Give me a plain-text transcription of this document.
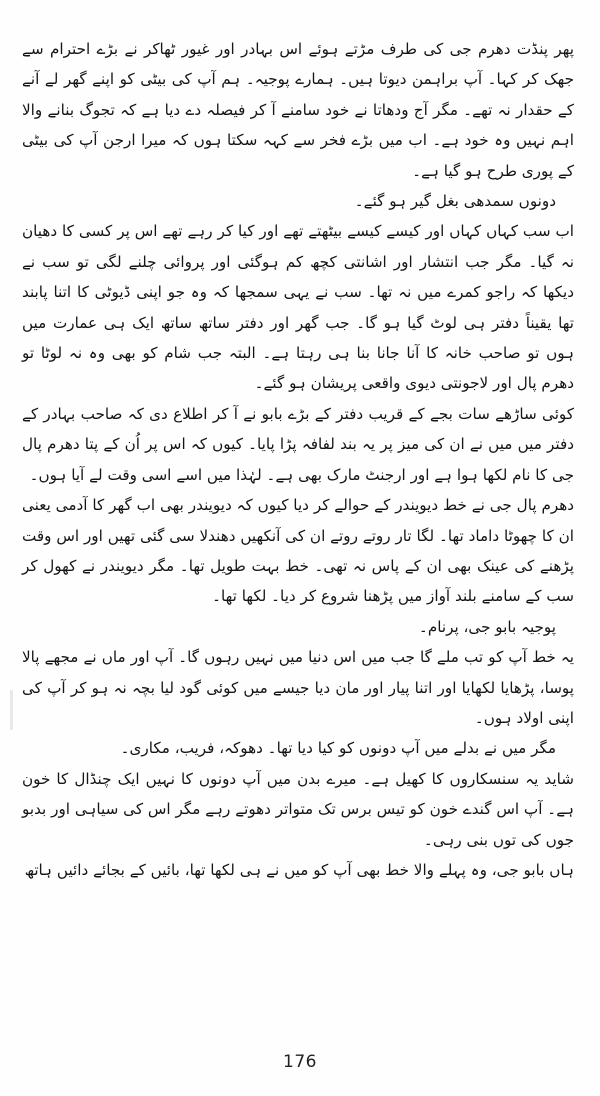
پھر پنڈت دھرم جی کی طرف مڑتے ہوئے اس بہادر اور غیور ٹھاکر نے بڑے احترام سے جھک کر کہا۔ آپ براہمن دیوتا ہیں۔ ہمارے پوجیہ۔ ہم آپ کی بیٹی کو اپنے گھر لے آنے کے حقدار نہ تھے۔ مگر آج ودھاتا نے خود سامنے آ کر فیصلہ دے دیا ہے کہ تجوگ بنانے والا اہم نہیں وہ خود ہے۔ اب میں بڑے فخر سے کہہ سکتا ہوں کہ میرا ارجن آپ کی بیٹی کے پوری طرح ہو گیا ہے۔

دونوں سمدھی بغل گیر ہو گئے۔

اب سب کہاں کہاں اور کیسے کیسے بیٹھتے تھے اور کیا کر رہے تھے اس پر کسی کا دھیان نہ گیا۔ مگر جب انتشار اور اشانتی کچھ کم ہوگئی اور پروائی چلنے لگی تو سب نے دیکھا کہ راجو کمرے میں نہ تھا۔ سب نے یہی سمجھا کہ وہ جو اپنی ڈیوٹی کا اتنا پابند تھا یقیناً دفتر ہی لوٹ گیا ہو گا۔ جب گھر اور دفتر ساتھ ساتھ ایک ہی عمارت میں ہوں تو صاحب خانہ کا آنا جانا بنا ہی رہتا ہے۔ البتہ جب شام کو بھی وہ نہ لوٹا تو دھرم پال اور لاجونتی دیوی واقعی پریشان ہو گئے۔

کوئی ساڑھے سات بجے کے قریب دفتر کے بڑے بابو نے آ کر اطلاع دی کہ صاحب بہادر کے دفتر میں میں نے ان کی میز پر یہ بند لفافہ پڑا پایا۔ کیوں کہ اس پر اُن کے پتا دھرم پال جی کا نام لکھا ہوا ہے اور ارجنٹ مارک بھی ہے۔ لہٰذا میں اسے اسی وقت لے آیا ہوں۔

دھرم پال جی نے خط دیویندر کے حوالے کر دیا کیوں کہ دیویندر بھی اب گھر کا آدمی یعنی ان کا چھوٹا داماد تھا۔ لگا تار روتے روتے ان کی آنکھیں دھندلا سی گئی تھیں اور اس وقت پڑھنے کی عینک بھی ان کے پاس نہ تھی۔ خط بہت طویل تھا۔ مگر دیویندر نے کھول کر سب کے سامنے بلند آواز میں پڑھنا شروع کر دیا۔ لکھا تھا۔

پوجیہ بابو جی، پرنام۔

یہ خط آپ کو تب ملے گا جب میں اس دنیا میں نہیں رہوں گا۔ آپ اور ماں نے مجھے پالا پوسا، پڑھایا لکھایا اور اتنا پیار اور مان دیا جیسے میں کوئی گود لیا بچہ نہ ہو کر آپ کی اپنی اولاد ہوں۔

مگر میں نے بدلے میں آپ دونوں کو کیا دیا تھا۔ دھوکہ، فریب، مکاری۔

شاید یہ سنسکاروں کا کھیل ہے۔ میرے بدن میں آپ دونوں کا نہیں ایک چنڈال کا خون ہے۔ آپ اس گندے خون کو تیس برس تک متواتر دھوتے رہے مگر اس کی سیاہی اور بدبو جوں کی توں بنی رہی۔

ہاں بابو جی، وہ پہلے والا خط بھی آپ کو میں نے ہی لکھا تھا، بائیں کے بجائے دائیں ہاتھ

176
